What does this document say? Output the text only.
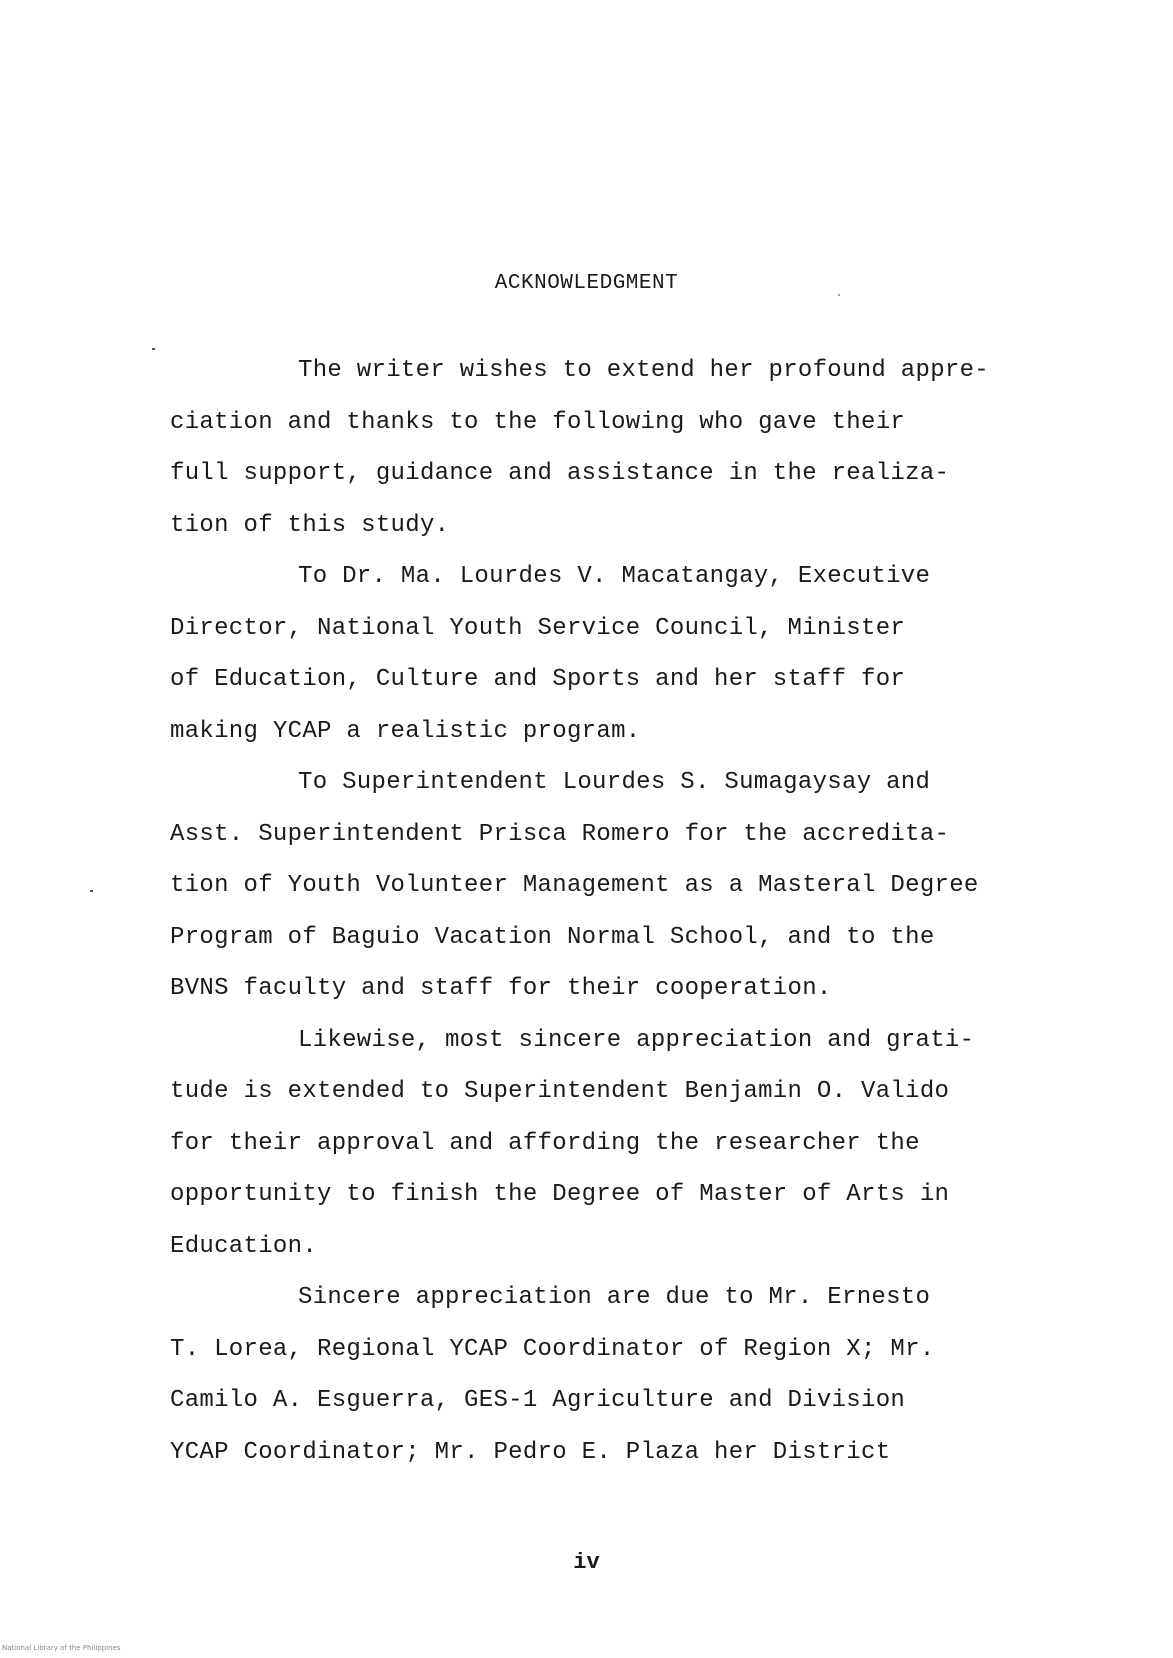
ACKNOWLEDGMENT

The writer wishes to extend her profound appre-
ciation and thanks to the following who gave their
full support, guidance and assistance in the realiza-
tion of this study.

To Dr. Ma. Lourdes V. Macatangay, Executive
Director, National Youth Service Council, Minister
of Education, Culture and Sports and her staff for
making YCAP a realistic program.

To Superintendent Lourdes S. Sumagaysay and
Asst. Superintendent Prisca Romero for the accredita-
tion of Youth Volunteer Management as a Masteral Degree
Program of Baguio Vacation Normal School, and to the
BVNS faculty and staff for their cooperation.

Likewise, most sincere appreciation and grati-
tude is extended to Superintendent Benjamin O. Valido
for their approval and affording the researcher the
opportunity to finish the Degree of Master of Arts in
Education.

Sincere appreciation are due to Mr. Ernesto
T. Lorea, Regional YCAP Coordinator of Region X; Mr.
Camilo A. Esguerra, GES-1 Agriculture and Division
YCAP Coordinator; Mr. Pedro E. Plaza her District

iv
National Library of the Philippines
